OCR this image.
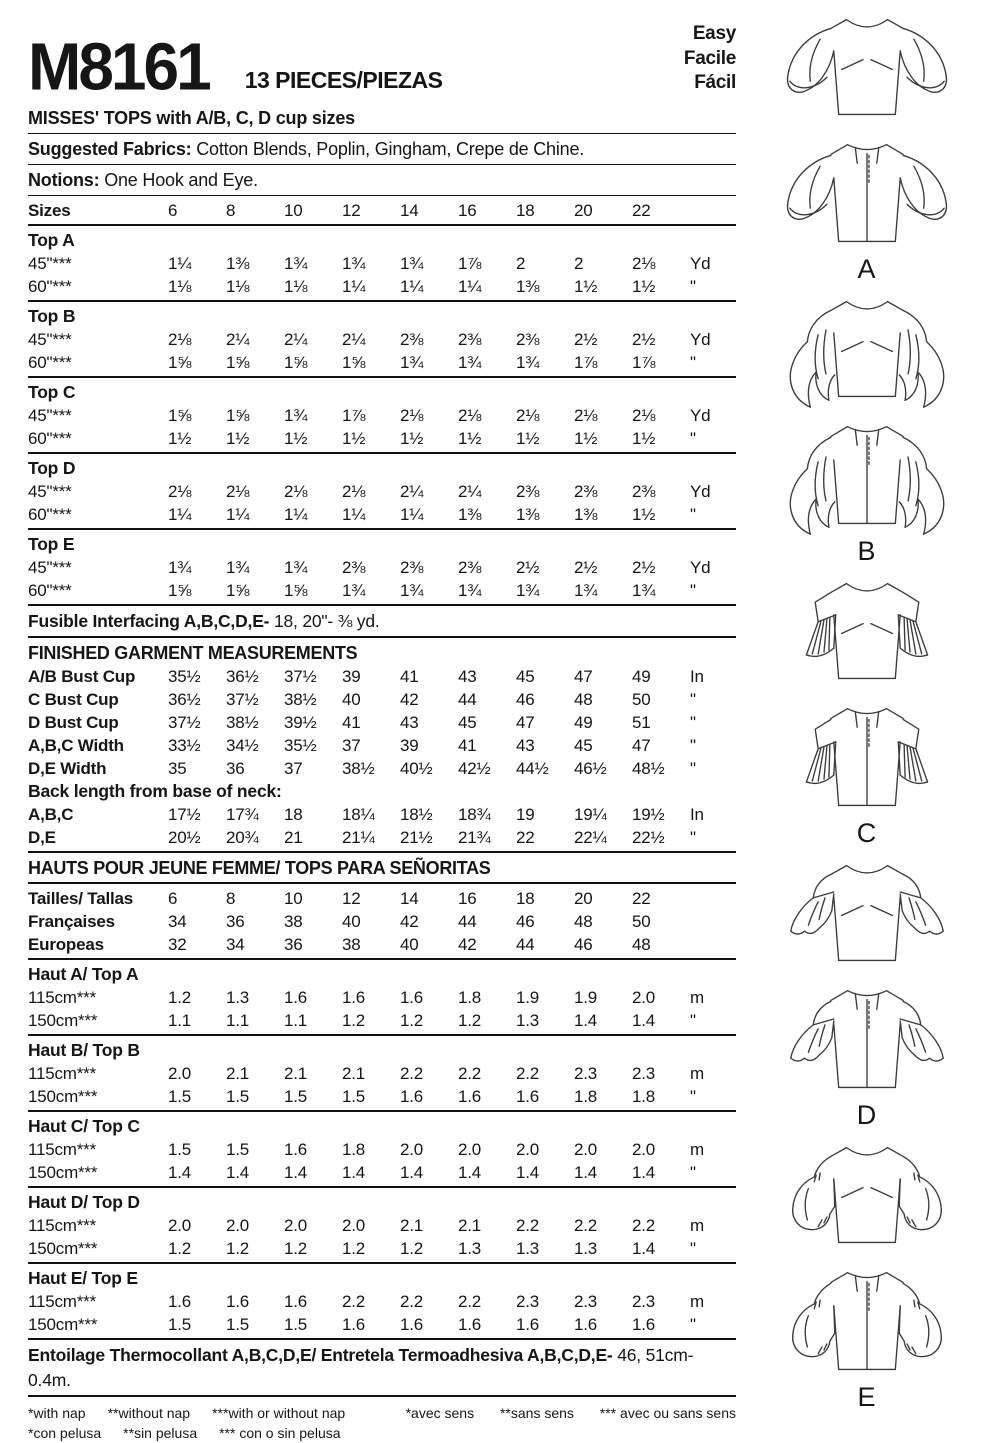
M8161 13 PIECES/PIEZAS
Easy
Facile
Fácil
MISSES' TOPS with A/B, C, D cup sizes
Suggested Fabrics: Cotton Blends, Poplin, Gingham, Crepe de Chine.
Notions: One Hook and Eye.
Sizes	6	8	10	12	14	16	18	20	22
Top A
45"***	1¼	1⅜	1¾	1¾	1¾	1⅞	2	2	2⅛	Yd
60"***	1⅛	1⅛	1⅛	1¼	1¼	1¼	1⅜	1½	1½	"
Top B
45"***	2⅛	2¼	2¼	2¼	2⅜	2⅜	2⅜	2½	2½	Yd
60"***	1⅝	1⅝	1⅝	1⅝	1¾	1¾	1¾	1⅞	1⅞	"
Top C
45"***	1⅝	1⅝	1¾	1⅞	2⅛	2⅛	2⅛	2⅛	2⅛	Yd
60"***	1½	1½	1½	1½	1½	1½	1½	1½	1½	"
Top D
45"***	2⅛	2⅛	2⅛	2⅛	2¼	2¼	2⅜	2⅜	2⅜	Yd
60"***	1¼	1¼	1¼	1¼	1¼	1⅜	1⅜	1⅜	1½	"
Top E
45"***	1¾	1¾	1¾	2⅜	2⅜	2⅜	2½	2½	2½	Yd
60"***	1⅝	1⅝	1⅝	1¾	1¾	1¾	1¾	1¾	1¾	"
Fusible Interfacing A,B,C,D,E- 18, 20"- ⅜ yd.
FINISHED GARMENT MEASUREMENTS
A/B Bust Cup	35½	36½	37½	39	41	43	45	47	49	In
C Bust Cup	36½	37½	38½	40	42	44	46	48	50	"
D Bust Cup	37½	38½	39½	41	43	45	47	49	51	"
A,B,C Width	33½	34½	35½	37	39	41	43	45	47	"
D,E Width	35	36	37	38½	40½	42½	44½	46½	48½	"
Back length from base of neck:
A,B,C	17½	17¾	18	18¼	18½	18¾	19	19¼	19½	In
D,E	20½	20¾	21	21¼	21½	21¾	22	22¼	22½	"
HAUTS POUR JEUNE FEMME/ TOPS PARA SEÑORITAS
Tailles/ Tallas	6	8	10	12	14	16	18	20	22
Françaises	34	36	38	40	42	44	46	48	50
Europeas	32	34	36	38	40	42	44	46	48
Haut A/ Top A
115cm***	1.2	1.3	1.6	1.6	1.6	1.8	1.9	1.9	2.0	m
150cm***	1.1	1.1	1.1	1.2	1.2	1.2	1.3	1.4	1.4	"
Haut B/ Top B
115cm***	2.0	2.1	2.1	2.1	2.2	2.2	2.2	2.3	2.3	m
150cm***	1.5	1.5	1.5	1.5	1.6	1.6	1.6	1.8	1.8	"
Haut C/ Top C
115cm***	1.5	1.5	1.6	1.8	2.0	2.0	2.0	2.0	2.0	m
150cm***	1.4	1.4	1.4	1.4	1.4	1.4	1.4	1.4	1.4	"
Haut D/ Top D
115cm***	2.0	2.0	2.0	2.0	2.1	2.1	2.2	2.2	2.2	m
150cm***	1.2	1.2	1.2	1.2	1.2	1.3	1.3	1.3	1.4	"
Haut E/ Top E
115cm***	1.6	1.6	1.6	2.2	2.2	2.2	2.3	2.3	2.3	m
150cm***	1.5	1.5	1.5	1.6	1.6	1.6	1.6	1.6	1.6	"
Entoilage Thermocollant A,B,C,D,E/ Entretela Termoadhesiva A,B,C,D,E- 46, 51cm- 0.4m.
*with nap **without nap ***with or without nap	*avec sens **sans sens *** avec ou sans sens
*con pelusa **sin pelusa *** con o sin pelusa
A
B
C
D
E
